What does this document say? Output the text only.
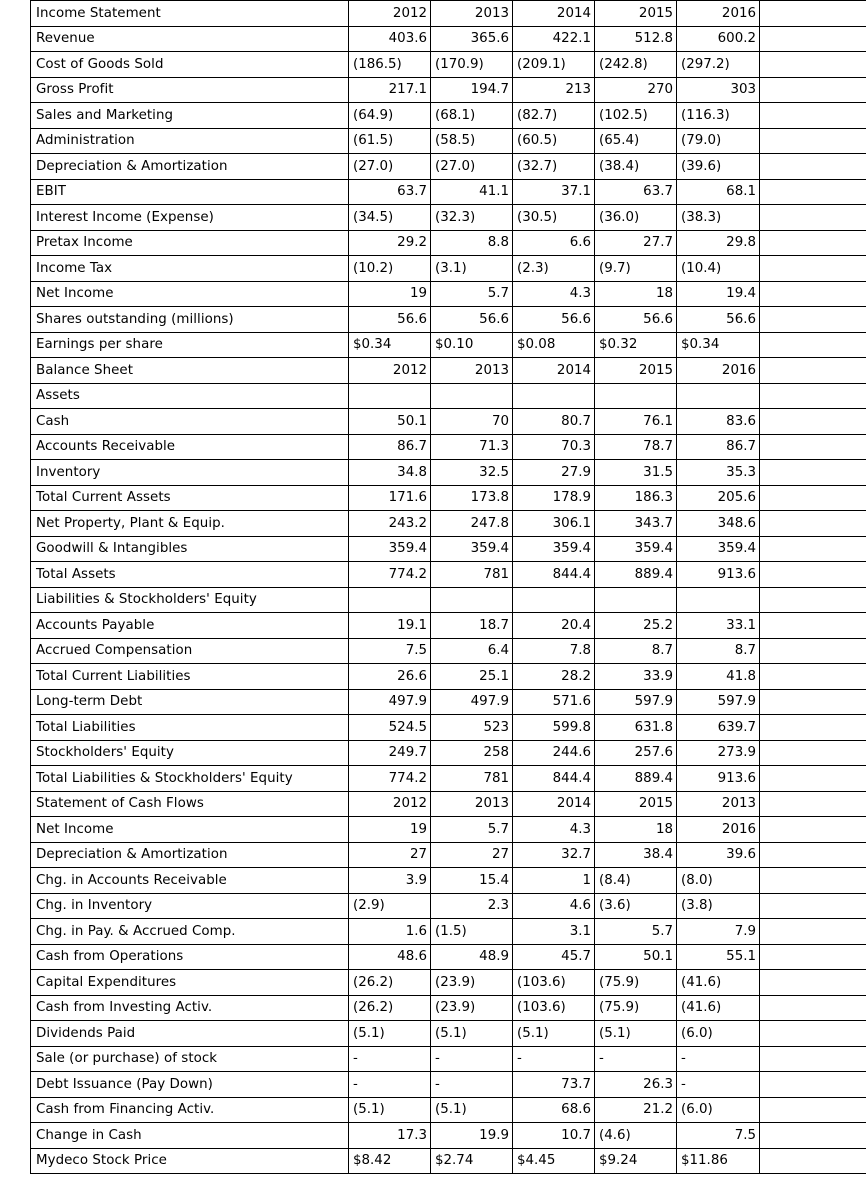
Income Statement	2012	2013	2014	2015	2016	
Revenue	403.6	365.6	422.1	512.8	600.2	
Cost of Goods Sold	(186.5)	(170.9)	(209.1)	(242.8)	(297.2)	
Gross Profit	217.1	194.7	213	270	303	
Sales and Marketing	(64.9)	(68.1)	(82.7)	(102.5)	(116.3)	
Administration	(61.5)	(58.5)	(60.5)	(65.4)	(79.0)	
Depreciation & Amortization	(27.0)	(27.0)	(32.7)	(38.4)	(39.6)	
EBIT	63.7	41.1	37.1	63.7	68.1	
Interest Income (Expense)	(34.5)	(32.3)	(30.5)	(36.0)	(38.3)	
Pretax Income	29.2	8.8	6.6	27.7	29.8	
Income Tax	(10.2)	(3.1)	(2.3)	(9.7)	(10.4)	
Net Income	19	5.7	4.3	18	19.4	
Shares outstanding (millions)	56.6	56.6	56.6	56.6	56.6	
Earnings per share	$0.34	$0.10	$0.08	$0.32	$0.34	
Balance Sheet	2012	2013	2014	2015	2016	
Assets						
Cash	50.1	70	80.7	76.1	83.6	
Accounts Receivable	86.7	71.3	70.3	78.7	86.7	
Inventory	34.8	32.5	27.9	31.5	35.3	
Total Current Assets	171.6	173.8	178.9	186.3	205.6	
Net Property, Plant & Equip.	243.2	247.8	306.1	343.7	348.6	
Goodwill & Intangibles	359.4	359.4	359.4	359.4	359.4	
Total Assets	774.2	781	844.4	889.4	913.6	
Liabilities & Stockholders' Equity						
Accounts Payable	19.1	18.7	20.4	25.2	33.1	
Accrued Compensation	7.5	6.4	7.8	8.7	8.7	
Total Current Liabilities	26.6	25.1	28.2	33.9	41.8	
Long-term Debt	497.9	497.9	571.6	597.9	597.9	
Total Liabilities	524.5	523	599.8	631.8	639.7	
Stockholders' Equity	249.7	258	244.6	257.6	273.9	
Total Liabilities & Stockholders' Equity	774.2	781	844.4	889.4	913.6	
Statement of Cash Flows	2012	2013	2014	2015	2013	
Net Income	19	5.7	4.3	18	2016	
Depreciation & Amortization	27	27	32.7	38.4	39.6	
Chg. in Accounts Receivable	3.9	15.4	1	(8.4)	(8.0)	
Chg. in Inventory	(2.9)	2.3	4.6	(3.6)	(3.8)	
Chg. in Pay. & Accrued Comp.	1.6	(1.5)	3.1	5.7	7.9	
Cash from Operations	48.6	48.9	45.7	50.1	55.1	
Capital Expenditures	(26.2)	(23.9)	(103.6)	(75.9)	(41.6)	
Cash from Investing Activ.	(26.2)	(23.9)	(103.6)	(75.9)	(41.6)	
Dividends Paid	(5.1)	(5.1)	(5.1)	(5.1)	(6.0)	
Sale (or purchase) of stock	-	-	-	-	-	
Debt Issuance (Pay Down)	-	-	73.7	26.3	-	
Cash from Financing Activ.	(5.1)	(5.1)	68.6	21.2	(6.0)	
Change in Cash	17.3	19.9	10.7	(4.6)	7.5	
Mydeco Stock Price	$8.42	$2.74	$4.45	$9.24	$11.86	
